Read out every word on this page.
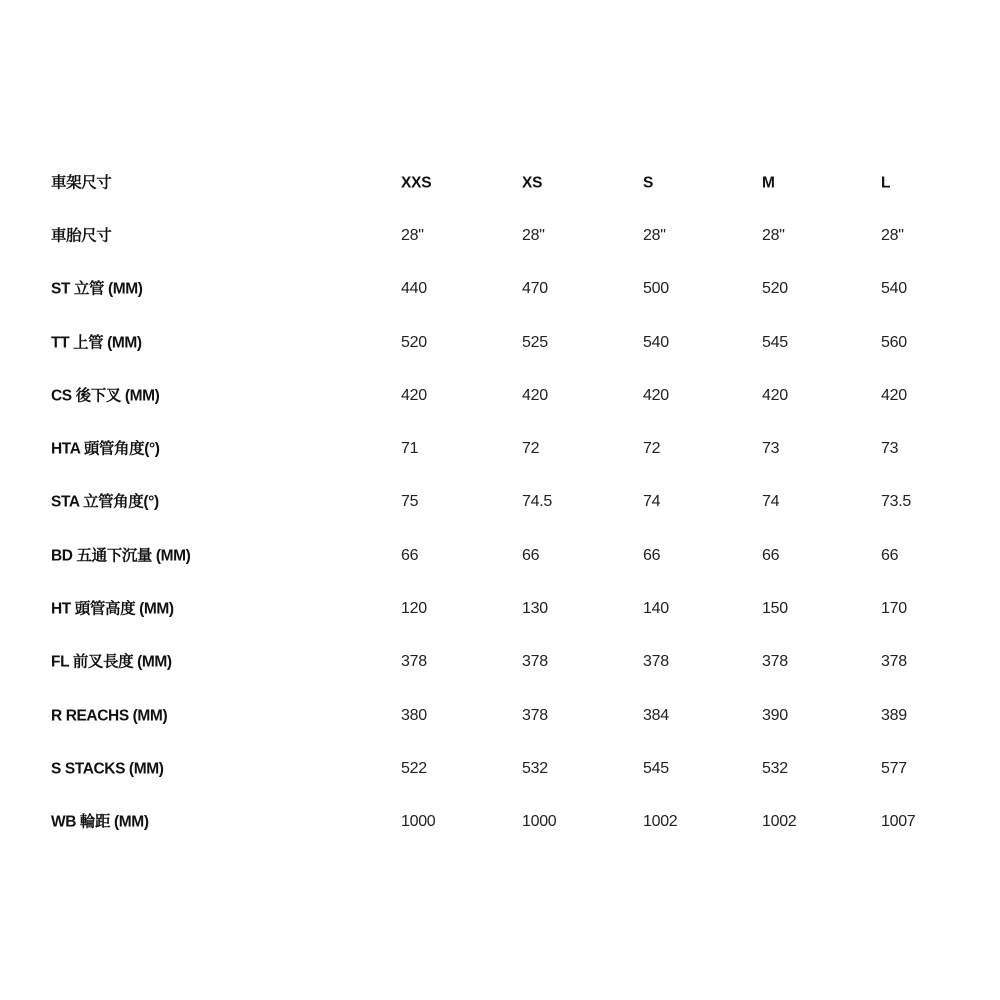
車架尺寸	XXS	XS	S	M	L
車胎尺寸	28"	28"	28"	28"	28"
ST 立管 (MM)	440	470	500	520	540
TT 上管 (MM)	520	525	540	545	560
CS 後下叉 (MM)	420	420	420	420	420
HTA 頭管角度(°)	71	72	72	73	73
STA 立管角度(°)	75	74.5	74	74	73.5
BD 五通下沉量 (MM)	66	66	66	66	66
HT 頭管高度 (MM)	120	130	140	150	170
FL 前叉長度 (MM)	378	378	378	378	378
R REACHS (MM)	380	378	384	390	389
S STACKS (MM)	522	532	545	532	577
WB 輪距 (MM)	1000	1000	1002	1002	1007
